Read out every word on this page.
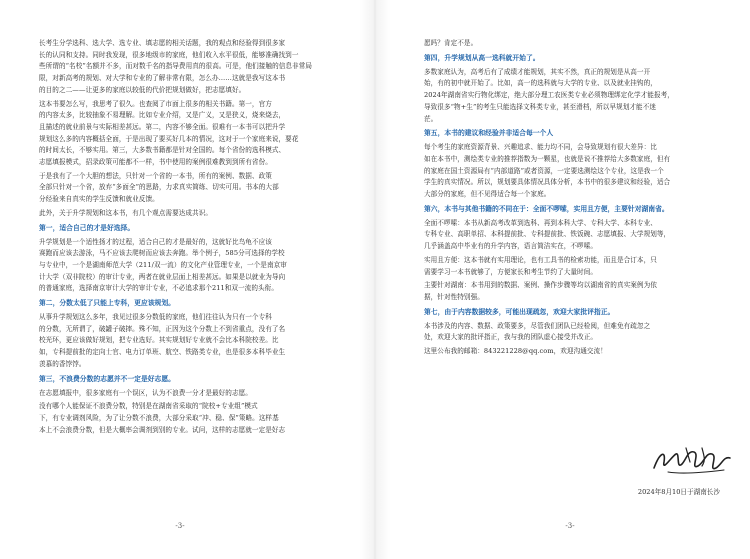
长考生分学选科、选大学、选专业、填志愿的相关话题，我的观点和经验得到很多家
长的认同和支持。同时我发现，很多地级市的家庭，他们收入水平很低，能够准确找到一
些所谓的“名校”名额并不多，而对数千名的指导费用真的很高。可是，他们接触的信息非常局
限，对新高考的规划、对大学和专业的了解非常有限，怎么办……这就是我写这本书
的目的之二——让更多的家庭以较低的代价把规划做好，把志愿填好。

这本书要怎么写，我思考了很久。也查阅了市面上很多的相关书籍。第一，官方
的内容太多，比较抽象不易理解。比如专业介绍，又是广义，又是狭义，烧来烧去，
且描述的就业前景与实际相差甚远。第二，内容不够全面。很难有一本书可以把升学
规划这么多的内容概括全面，于是出现了要买好几本的情况，这对于一个家庭来说，要花
的时间太长，不够实用。第三，大多数书籍都是针对全国的。每个省份的选科模式、
志愿填报模式，招录政策可能都不一样，书中使用的案例很难教到到所有省份。

于是我有了一个大胆的想法，只针对一个省的一本书，所有的案例、数据、政策
全部只针对一个省，放弃“多面全”的思路，力求真实简练、切实可用。书本的大部
分经验来自真实的学生反馈和就业反馈。

此外，关于升学规划和这本书，有几个观点需要达成共识。

第一，适合自己的才是好选择。

升学规划是一个适性扬才的过程，适合自己的才是最好的，这就好比鸟龟不应该
赛跑而应该去游泳，马不应该去爬树而应该去奔跑。举个例子，585分可选择的学校
与专业中，一个是湖南师范大学（211/双一流）的文化产业管理专业，一个是南京审
计大学（双非院校）的审计专业，两者在就业层面上相差甚远。如果是以就业为导向
的普通家庭，选择南京审计大学的审计专业，不必追求那个211和双一流的头衔。

第二，分数太低了只能上专科，更应该规划。

从事升学规划这么多年，我见过很多分数低的家庭，他们往往认为只有一个专科
的分数，无所谓了，破罐子破摔。殊不知，正因为这个分数上不到省重点，没有了名
校光环，更应该做好规划，把专业选好。其实规划好专业就不会比本科院校差。比
如，专科提前批的定向士官、电力订单班、航空、铁路类专业，也是很多本科毕业生
羡慕的香饽饽。

第三，不浪费分数的志愿并不一定是好志愿。

在志愿填报中，很多家庭有一个误区，认为不浪费一分才是最好的志愿。

没有哪个人能保证不浪费分数，特别是在湖南省采取的“院校+专业组”模式
下，有专业调剂风险，为了让分数不浪费，大部分采取“冲、稳、保”策略。这样基
本上不会浪费分数，但是大概率会调剂到别的专业。试问，这样的志愿就一定是好志

-3-

愿吗？肯定不是。

第四，升学规划从高一选科就开始了。

多数家庭认为，高考后有了成绩才能规划，其实不然，真正的规划是从高一开
始，有的初中就开始了。比如，高一的选科就与大学的专业、以及就业挂钩的，
2024年湖南省实行物化绑定，绝大部分理工农医类专业必须物理绑定化学才能报考，
导致很多“物+生”的考生只能选择文科类专业，甚至滑档，所以早规划才能不迷
茫。

第五，本书的建议和经验并非适合每一个人

每个考生的家庭资源背景、兴趣追求、能力均不同，会导致规划有很大差异：比
如在本书中，测绘类专业的推荐指数为一颗星，也就是说不推荐给大多数家庭，但有
的家庭在国土资源局有“内部道路”或者资源，一定要选测绘这个专业，这是我一个
学生的真实情况。所以，规划要具体情况具体分析，本书中的很多建议和经验，适合
大部分的家庭，但不见得适合每一个家庭。

第六，本书与其他书籍的不同在于：全面不啰嗦，实用且方便，主要针对湖南省。

全面不啰嗦：本书从新高考改革到选科、再到本科大学、专科大学、本科专业、
专科专业、高职单招、本科提前批、专科提前批、铁饭碗、志愿填报、大学规划等，
几乎涵盖高中毕业有的升学内容，语言简洁实在，不啰嗦。

实用且方便：这本书就有实用理论，也有工具书的检索功能，而且是合订本，只
需要学习一本书就够了，方便家长和考生节约了大量时间。

主要针对湖南：本书用到的数据、案例、操作步骤等均以湖南省的真实案例为依
据，针对性特别强。

第七，由于内容数据较多，可能出现疏忽，欢迎大家批评指正。

本书涉及的内容、数据、政策要多，尽管我们团队已经检阅，但难免有疏忽之
处，欢迎大家的批评指正，我与我的团队虚心接受并改正。

这里公布我的邮箱：843221228@qq.com，欢迎沟通交流！

2024年8月10日于湖南长沙
-3-
